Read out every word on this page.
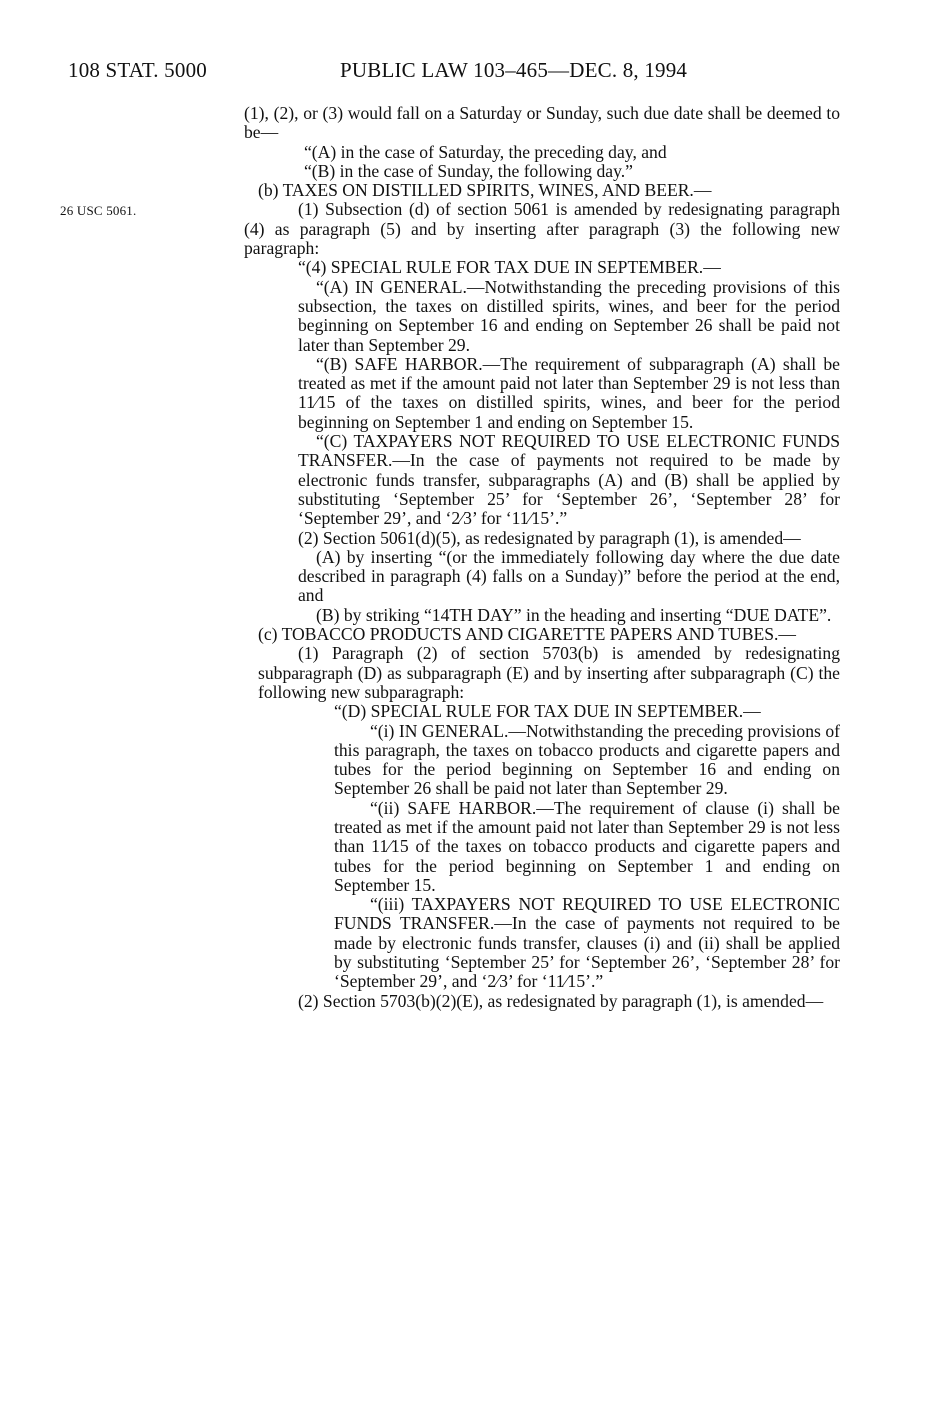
108 STAT. 5000	PUBLIC LAW 103–465—DEC. 8, 1994
26 USC 5061.

(1), (2), or (3) would fall on a Saturday or Sunday, such due date shall be deemed to be—

“(A) in the case of Saturday, the preceding day, and

“(B) in the case of Sunday, the following day.”

(b) TAXES ON DISTILLED SPIRITS, WINES, AND BEER.—

(1) Subsection (d) of section 5061 is amended by redesignating paragraph (4) as paragraph (5) and by inserting after paragraph (3) the following new paragraph:

“(4) SPECIAL RULE FOR TAX DUE IN SEPTEMBER.—

“(A) IN GENERAL.—Notwithstanding the preceding provisions of this subsection, the taxes on distilled spirits, wines, and beer for the period beginning on September 16 and ending on September 26 shall be paid not later than September 29.

“(B) SAFE HARBOR.—The requirement of subparagraph (A) shall be treated as met if the amount paid not later than September 29 is not less than 11⁄15 of the taxes on distilled spirits, wines, and beer for the period beginning on September 1 and ending on September 15.

“(C) TAXPAYERS NOT REQUIRED TO USE ELECTRONIC FUNDS TRANSFER.—In the case of payments not required to be made by electronic funds transfer, subparagraphs (A) and (B) shall be applied by substituting ‘September 25’ for ‘September 26’, ‘September 28’ for ‘September 29’, and ‘2⁄3’ for ‘11⁄15’.”

(2) Section 5061(d)(5), as redesignated by paragraph (1), is amended—

(A) by inserting “(or the immediately following day where the due date described in paragraph (4) falls on a Sunday)” before the period at the end, and

(B) by striking “14TH DAY” in the heading and inserting “DUE DATE”.

(c) TOBACCO PRODUCTS AND CIGARETTE PAPERS AND TUBES.—

(1) Paragraph (2) of section 5703(b) is amended by redesignating subparagraph (D) as subparagraph (E) and by inserting after subparagraph (C) the following new subparagraph:

“(D) SPECIAL RULE FOR TAX DUE IN SEPTEMBER.—

“(i) IN GENERAL.—Notwithstanding the preceding provisions of this paragraph, the taxes on tobacco products and cigarette papers and tubes for the period beginning on September 16 and ending on September 26 shall be paid not later than September 29.

“(ii) SAFE HARBOR.—The requirement of clause (i) shall be treated as met if the amount paid not later than September 29 is not less than 11⁄15 of the taxes on tobacco products and cigarette papers and tubes for the period beginning on September 1 and ending on September 15.

“(iii) TAXPAYERS NOT REQUIRED TO USE ELECTRONIC FUNDS TRANSFER.—In the case of payments not required to be made by electronic funds transfer, clauses (i) and (ii) shall be applied by substituting ‘September 25’ for ‘September 26’, ‘September 28’ for ‘September 29’, and ‘2⁄3’ for ‘11⁄15’.”

(2) Section 5703(b)(2)(E), as redesignated by paragraph (1), is amended—
